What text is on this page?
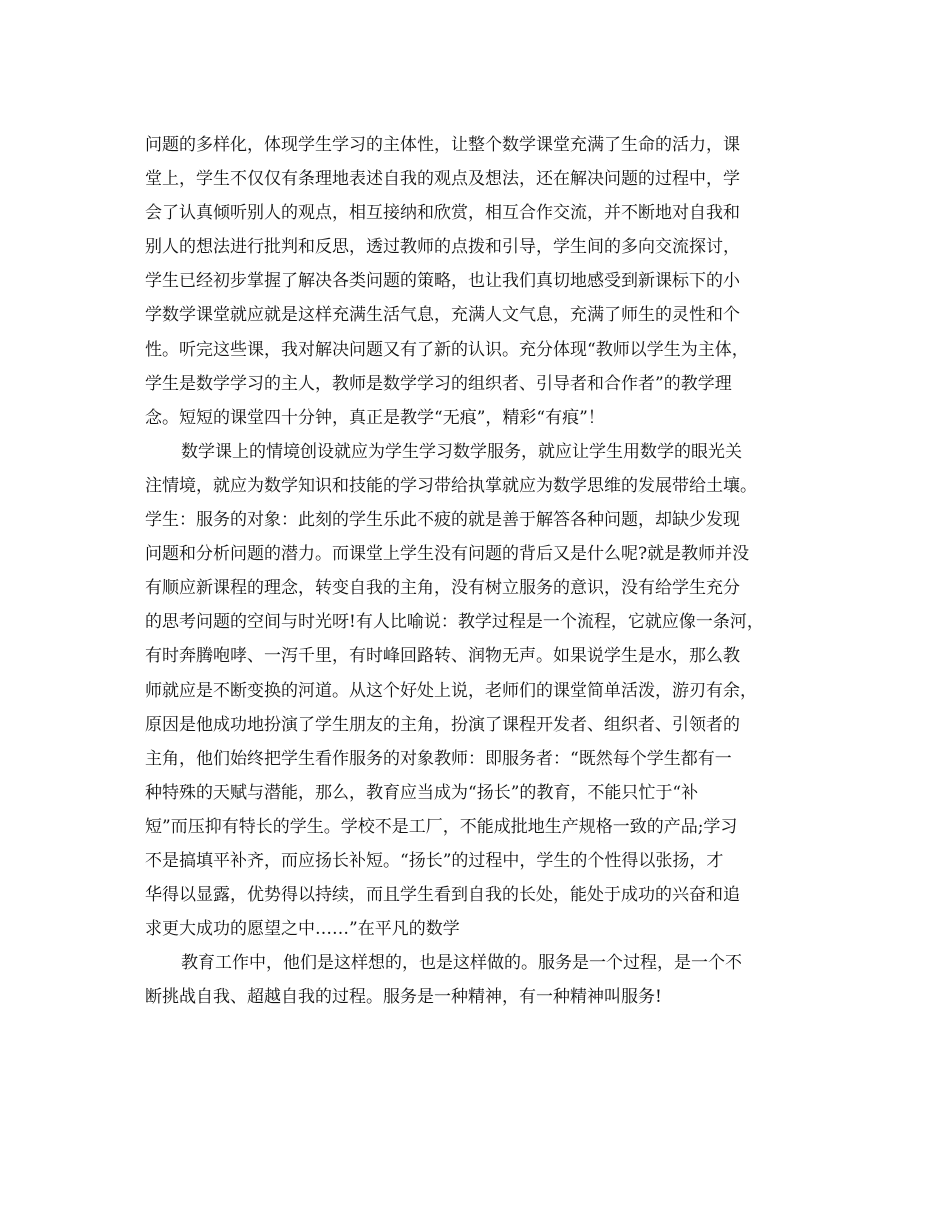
问题的多样化，体现学生学习的主体性，让整个数学课堂充满了生命的活力，课
堂上，学生不仅仅有条理地表述自我的观点及想法，还在解决问题的过程中，学
会了认真倾听别人的观点，相互接纳和欣赏，相互合作交流，并不断地对自我和
别人的想法进行批判和反思，透过教师的点拨和引导，学生间的多向交流探讨，
学生已经初步掌握了解决各类问题的策略，也让我们真切地感受到新课标下的小
学数学课堂就应就是这样充满生活气息，充满人文气息，充满了师生的灵性和个
性。听完这些课，我对解决问题又有了新的认识。充分体现“教师以学生为主体，
学生是数学学习的主人，教师是数学学习的组织者、引导者和合作者”的教学理
念。短短的课堂四十分钟，真正是教学“无痕”，精彩“有痕”！
数学课上的情境创设就应为学生学习数学服务，就应让学生用数学的眼光关
注情境，就应为数学知识和技能的学习带给执掌就应为数学思维的发展带给土壤。
学生：服务的对象：此刻的学生乐此不疲的就是善于解答各种问题，却缺少发现
问题和分析问题的潜力。而课堂上学生没有问题的背后又是什么呢?就是教师并没
有顺应新课程的理念，转变自我的主角，没有树立服务的意识，没有给学生充分
的思考问题的空间与时光呀!有人比喻说：教学过程是一个流程，它就应像一条河，
有时奔腾咆哮、一泻千里，有时峰回路转、润物无声。如果说学生是水，那么教
师就应是不断变换的河道。从这个好处上说，老师们的课堂简单活泼，游刃有余，
原因是他成功地扮演了学生朋友的主角，扮演了课程开发者、组织者、引领者的
主角，他们始终把学生看作服务的对象教师：即服务者：“既然每个学生都有一
种特殊的天赋与潜能，那么，教育应当成为“扬长”的教育，不能只忙于“补
短”而压抑有特长的学生。学校不是工厂，不能成批地生产规格一致的产品;学习
不是搞填平补齐，而应扬长补短。“扬长”的过程中，学生的个性得以张扬，才
华得以显露，优势得以持续，而且学生看到自我的长处，能处于成功的兴奋和追
求更大成功的愿望之中……”在平凡的数学
教育工作中，他们是这样想的，也是这样做的。服务是一个过程，是一个不
断挑战自我、超越自我的过程。服务是一种精神，有一种精神叫服务!
